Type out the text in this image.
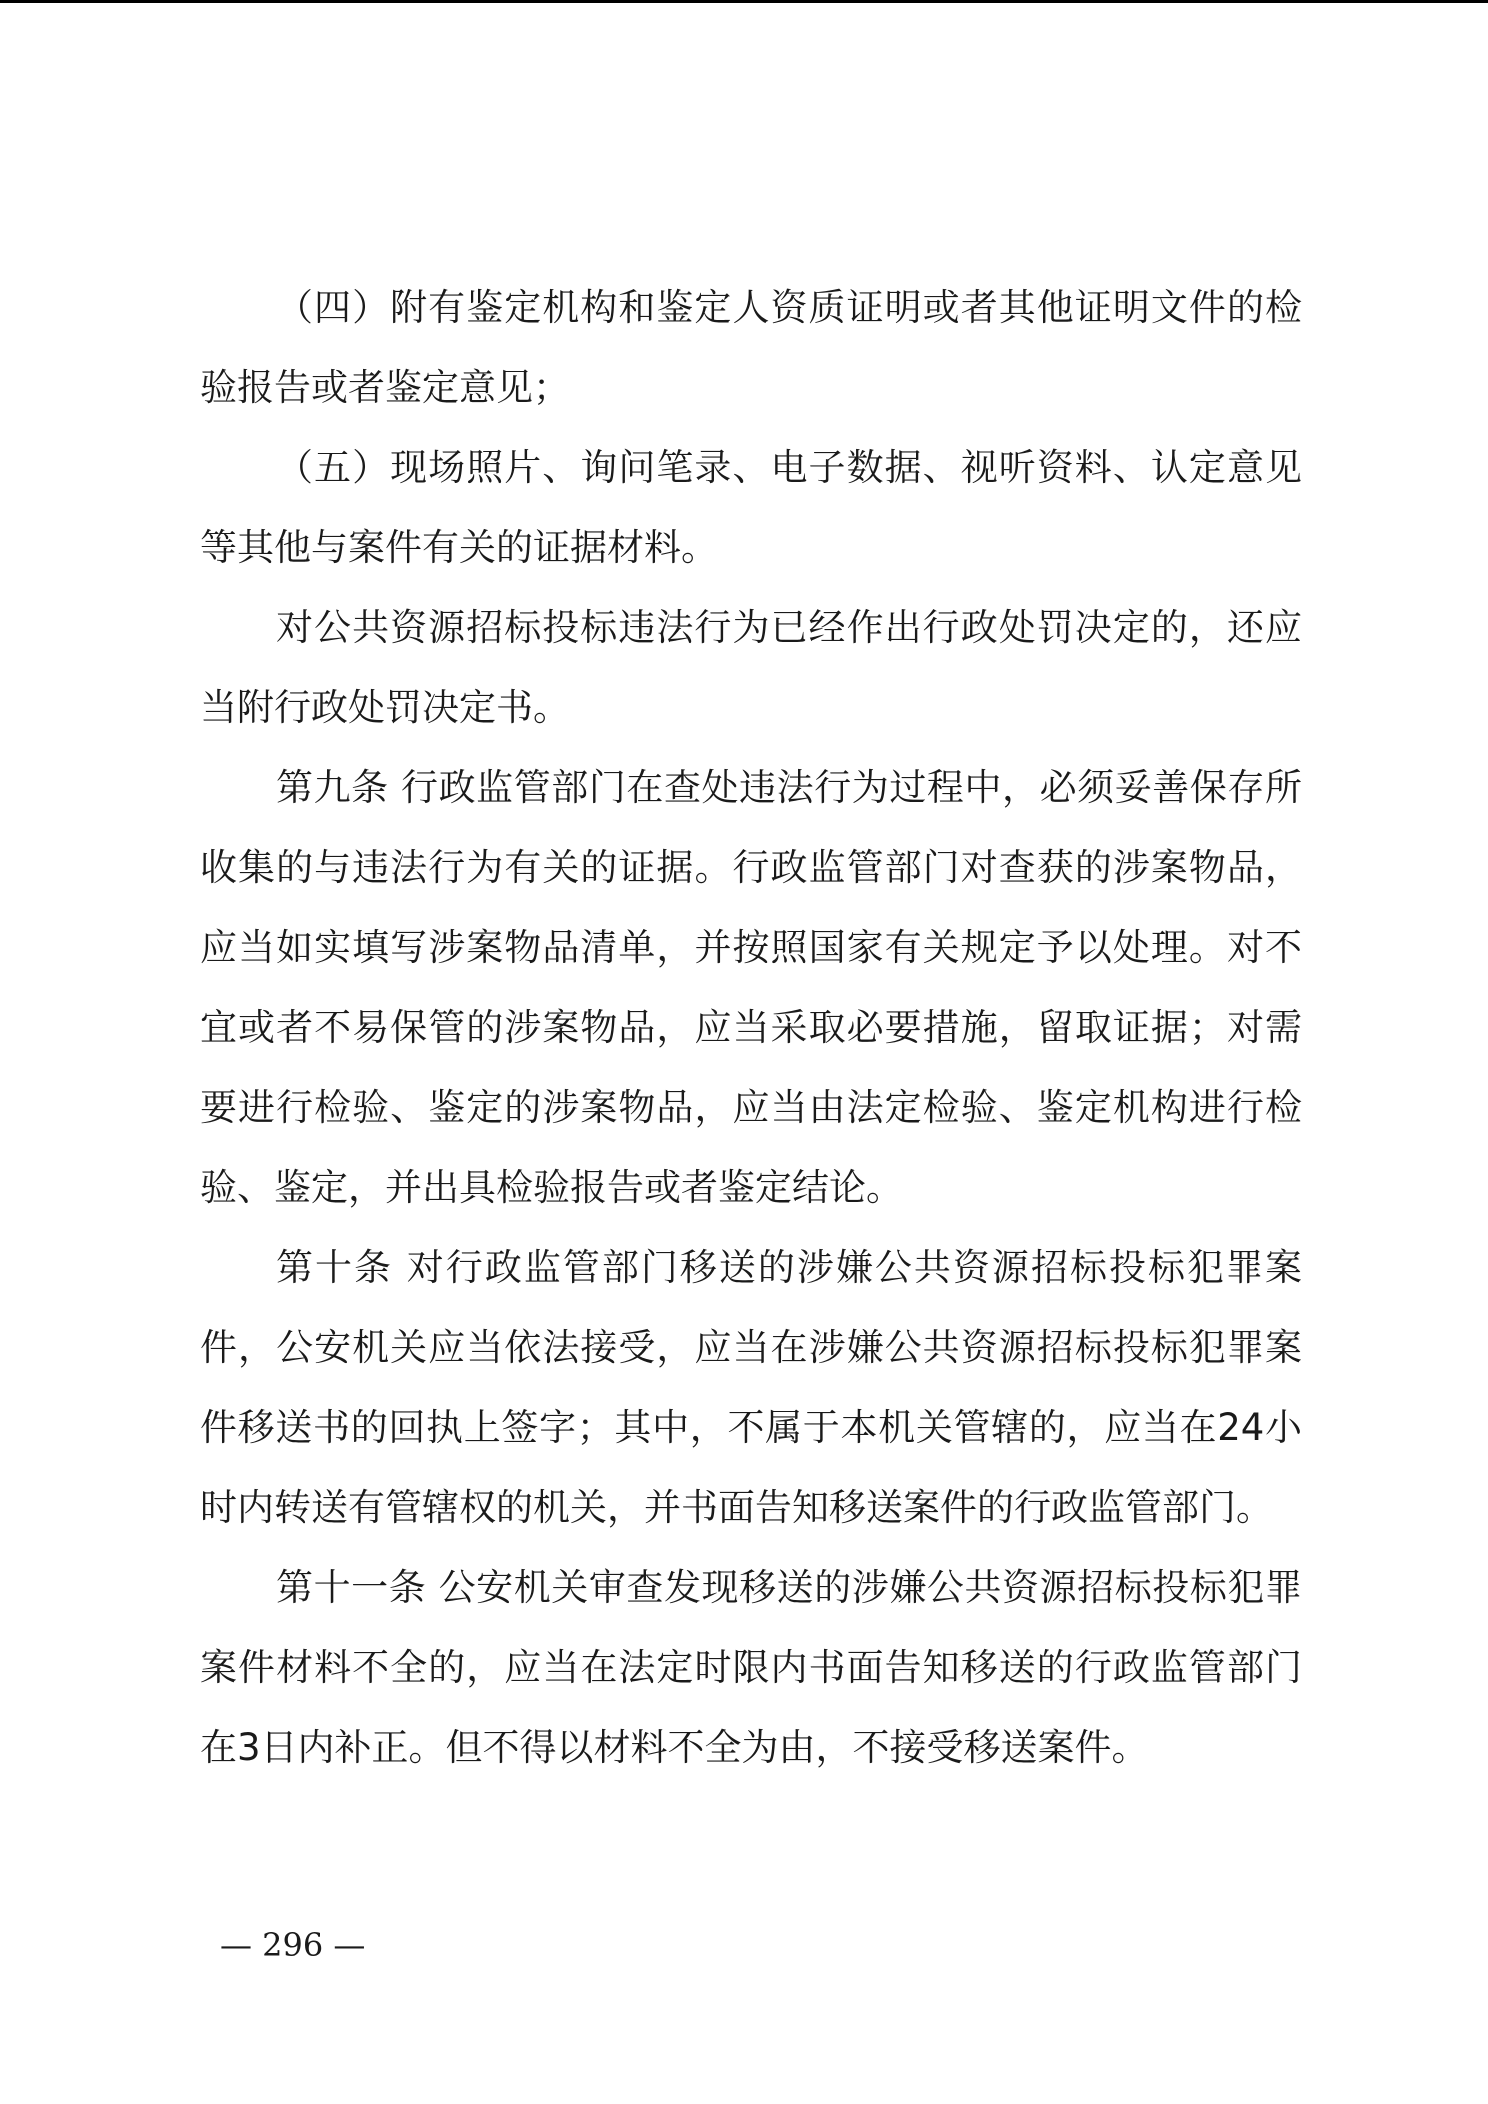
（四）附有鉴定机构和鉴定人资质证明或者其他证明文件的检验报告或者鉴定意见；

（五）现场照片、询问笔录、电子数据、视听资料、认定意见等其他与案件有关的证据材料。

对公共资源招标投标违法行为已经作出行政处罚决定的，还应当附行政处罚决定书。

第九条 行政监管部门在查处违法行为过程中，必须妥善保存所收集的与违法行为有关的证据。行政监管部门对查获的涉案物品，应当如实填写涉案物品清单，并按照国家有关规定予以处理。对不宜或者不易保管的涉案物品，应当采取必要措施，留取证据；对需要进行检验、鉴定的涉案物品，应当由法定检验、鉴定机构进行检验、鉴定，并出具检验报告或者鉴定结论。

第十条 对行政监管部门移送的涉嫌公共资源招标投标犯罪案件，公安机关应当依法接受，应当在涉嫌公共资源招标投标犯罪案件移送书的回执上签字；其中，不属于本机关管辖的，应当在24小时内转送有管辖权的机关，并书面告知移送案件的行政监管部门。

第十一条 公安机关审查发现移送的涉嫌公共资源招标投标犯罪案件材料不全的，应当在法定时限内书面告知移送的行政监管部门在3日内补正。但不得以材料不全为由，不接受移送案件。

— 296 —
